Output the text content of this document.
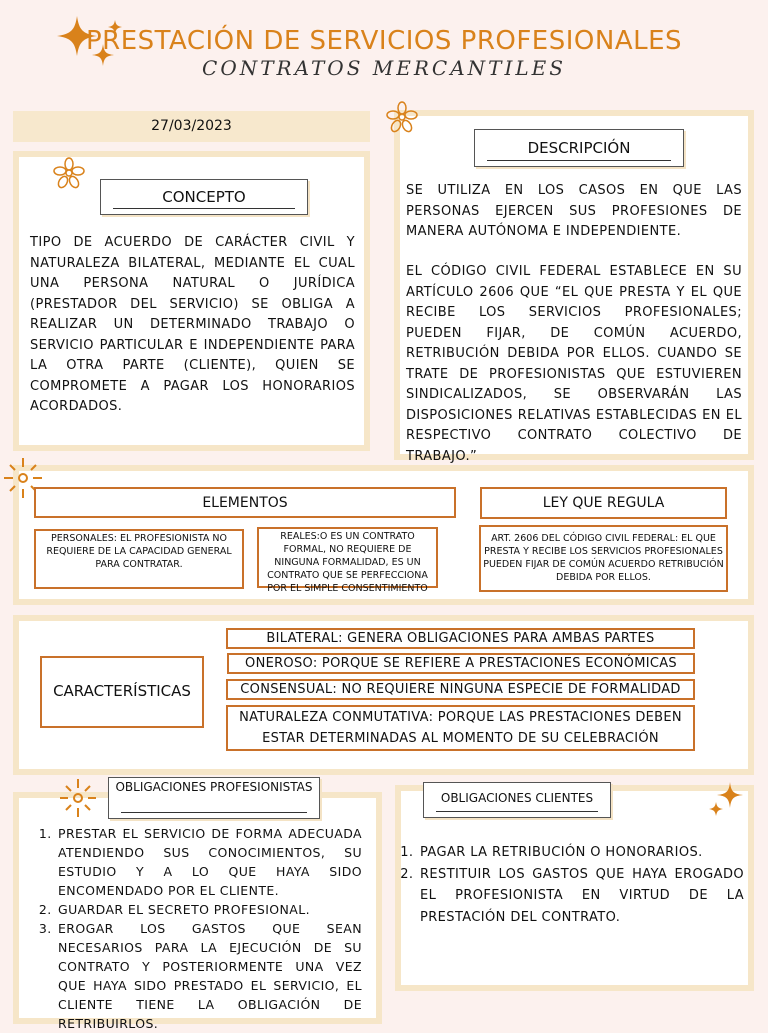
PRESTACIÓN DE SERVICIOS PROFESIONALES
CONTRATOS MERCANTILES
27/03/2023
CONCEPTO
TIPO DE ACUERDO DE CARÁCTER CIVIL Y NATURALEZA BILATERAL, MEDIANTE EL CUAL UNA PERSONA NATURAL O JURÍDICA (PRESTADOR DEL SERVICIO) SE OBLIGA A REALIZAR UN DETERMINADO TRABAJO O SERVICIO PARTICULAR E INDEPENDIENTE PARA LA OTRA PARTE (CLIENTE), QUIEN SE COMPROMETE A PAGAR LOS HONORARIOS ACORDADOS.
DESCRIPCIÓN
SE UTILIZA EN LOS CASOS EN QUE LAS PERSONAS EJERCEN SUS PROFESIONES DE MANERA AUTÓNOMA E INDEPENDIENTE.
EL CÓDIGO CIVIL FEDERAL ESTABLECE EN SU ARTÍCULO 2606 QUE “EL QUE PRESTA Y EL QUE RECIBE LOS SERVICIOS PROFESIONALES; PUEDEN FIJAR, DE COMÚN ACUERDO, RETRIBUCIÓN DEBIDA POR ELLOS. CUANDO SE TRATE DE PROFESIONISTAS QUE ESTUVIEREN SINDICALIZADOS, SE OBSERVARÁN LAS DISPOSICIONES RELATIVAS ESTABLECIDAS EN EL RESPECTIVO CONTRATO COLECTIVO DE TRABAJO.”
ELEMENTOS	LEY QUE REGULA
PERSONALES: EL PROFESIONISTA NO REQUIERE DE LA CAPACIDAD GENERAL PARA CONTRATAR.
REALES:O ES UN CONTRATO FORMAL, NO REQUIERE DE NINGUNA FORMALIDAD, ES UN CONTRATO QUE SE PERFECCIONA POR EL SIMPLE CONSENTIMIENTO
ART. 2606 DEL CÓDIGO CIVIL FEDERAL: EL QUE PRESTA Y RECIBE LOS SERVICIOS PROFESIONALES PUEDEN FIJAR DE COMÚN ACUERDO RETRIBUCIÓN DEBIDA POR ELLOS.
CARACTERÍSTICAS
BILATERAL: GENERA OBLIGACIONES PARA AMBAS PARTES
ONEROSO: PORQUE SE REFIERE A PRESTACIONES ECONÓMICAS
CONSENSUAL: NO REQUIERE NINGUNA ESPECIE DE FORMALIDAD
NATURALEZA CONMUTATIVA: PORQUE LAS PRESTACIONES DEBEN ESTAR DETERMINADAS AL MOMENTO DE SU CELEBRACIÓN
OBLIGACIONES PROFESIONISTAS
1. PRESTAR EL SERVICIO DE FORMA ADECUADA ATENDIENDO SUS CONOCIMIENTOS, SU ESTUDIO Y A LO QUE HAYA SIDO ENCOMENDADO POR EL CLIENTE.
2. GUARDAR EL SECRETO PROFESIONAL.
3. EROGAR LOS GASTOS QUE SEAN NECESARIOS PARA LA EJECUCIÓN DE SU CONTRATO Y POSTERIORMENTE UNA VEZ QUE HAYA SIDO PRESTADO EL SERVICIO, EL CLIENTE TIENE LA OBLIGACIÓN DE RETRIBUIRLOS.
OBLIGACIONES CLIENTES
1. PAGAR LA RETRIBUCIÓN O HONORARIOS.
2. RESTITUIR LOS GASTOS QUE HAYA EROGADO EL PROFESIONISTA EN VIRTUD DE LA PRESTACIÓN DEL CONTRATO.
